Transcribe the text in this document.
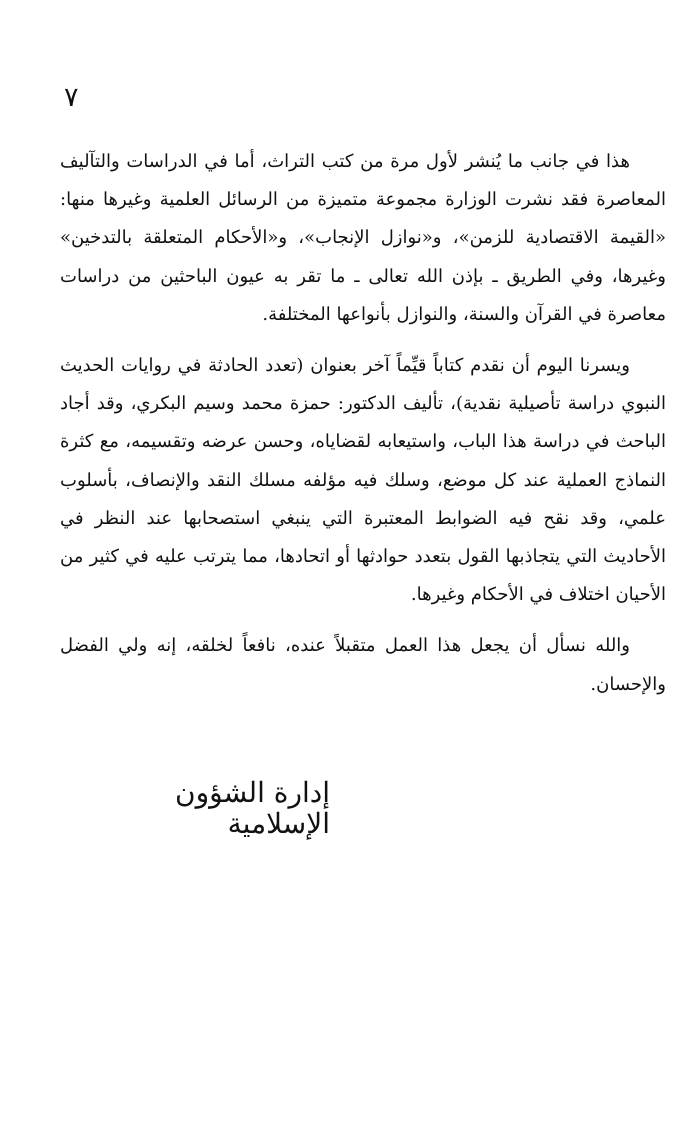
٧

هذا في جانب ما يُنشر لأول مرة من كتب التراث، أما في الدراسات والتآليف المعاصرة فقد نشرت الوزارة مجموعة متميزة من الرسائل العلمية وغيرها منها: «القيمة الاقتصادية للزمن»، و«نوازل الإنجاب»، و«الأحكام المتعلقة بالتدخين» وغيرها، وفي الطريق ـ بإذن الله تعالى ـ ما تقر به عيون الباحثين من دراسات معاصرة في القرآن والسنة، والنوازل بأنواعها المختلفة.

ويسرنا اليوم أن نقدم كتاباً قيِّماً آخر بعنوان (تعدد الحادثة في روايات الحديث النبوي دراسة تأصيلية نقدية)، تأليف الدكتور: حمزة محمد وسيم البكري، وقد أجاد الباحث في دراسة هذا الباب، واستيعابه لقضاياه، وحسن عرضه وتقسيمه، مع كثرة النماذج العملية عند كل موضع، وسلك فيه مؤلفه مسلك النقد والإنصاف، بأسلوب علمي، وقد نقح فيه الضوابط المعتبرة التي ينبغي استصحابها عند النظر في الأحاديث التي يتجاذبها القول بتعدد حوادثها أو اتحادها، مما يترتب عليه في كثير من الأحيان اختلاف في الأحكام وغيرها.

والله نسأل أن يجعل هذا العمل متقبلاً عنده، نافعاً لخلقه، إنه ولي الفضل والإحسان.

إدارة الشؤون الإسلامية
